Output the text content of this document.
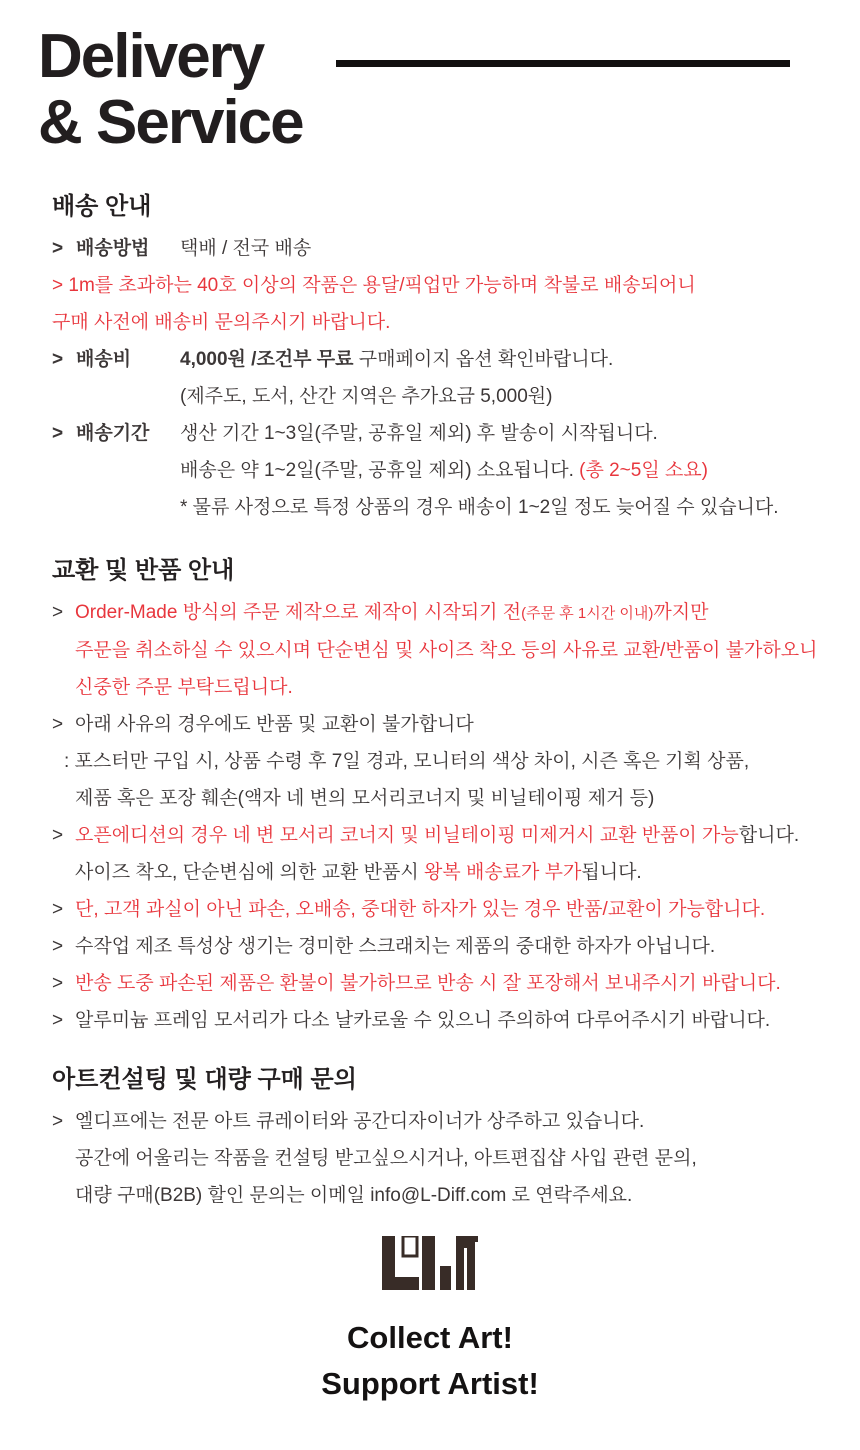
Delivery
& Service
배송 안내
> 배송방법	택배 / 전국 배송
> 1m를 초과하는 40호 이상의 작품은 용달/픽업만 가능하며 착불로 배송되어니
구매 사전에 배송비 문의주시기 바랍니다.
> 배송비	4,000원 /조건부 무료 구매페이지 옵션 확인바랍니다.
(제주도, 도서, 산간 지역은 추가요금 5,000원)
> 배송기간	생산 기간 1~3일(주말, 공휴일 제외) 후 발송이 시작됩니다.
배송은 약 1~2일(주말, 공휴일 제외) 소요됩니다. (총 2~5일 소요)
* 물류 사정으로 특정 상품의 경우 배송이 1~2일 정도 늦어질 수 있습니다.
교환 및 반품 안내
> Order-Made 방식의 주문 제작으로 제작이 시작되기 전(주문 후 1시간 이내)까지만
주문을 취소하실 수 있으시며 단순변심 및 사이즈 착오 등의 사유로 교환/반품이 불가하오니
신중한 주문 부탁드립니다.
> 아래 사유의 경우에도 반품 및 교환이 불가합니다
: 포스터만 구입 시, 상품 수령 후 7일 경과, 모니터의 색상 차이, 시즌 혹은 기획 상품,
제품 혹은 포장 훼손(액자 네 변의 모서리코너지 및 비닐테이핑 제거 등)
> 오픈에디션의 경우 네 변 모서리 코너지 및 비닐테이핑 미제거시 교환 반품이 가능합니다.
사이즈 착오, 단순변심에 의한 교환 반품시 왕복 배송료가 부가됩니다.
> 단, 고객 과실이 아닌 파손, 오배송, 중대한 하자가 있는 경우 반품/교환이 가능합니다.
> 수작업 제조 특성상 생기는 경미한 스크래치는 제품의 중대한 하자가 아닙니다.
> 반송 도중 파손된 제품은 환불이 불가하므로 반송 시 잘 포장해서 보내주시기 바랍니다.
> 알루미늄 프레임 모서리가 다소 날카로울 수 있으니 주의하여 다루어주시기 바랍니다.
아트컨설팅 및 대량 구매 문의
> 엘디프에는 전문 아트 큐레이터와 공간디자이너가 상주하고 있습니다.
공간에 어울리는 작품을 컨설팅 받고싶으시거나, 아트편집샵 사입 관련 문의,
대량 구매(B2B) 할인 문의는 이메일 info@L-Diff.com 로 연락주세요.
Collect Art!
Support Artist!
